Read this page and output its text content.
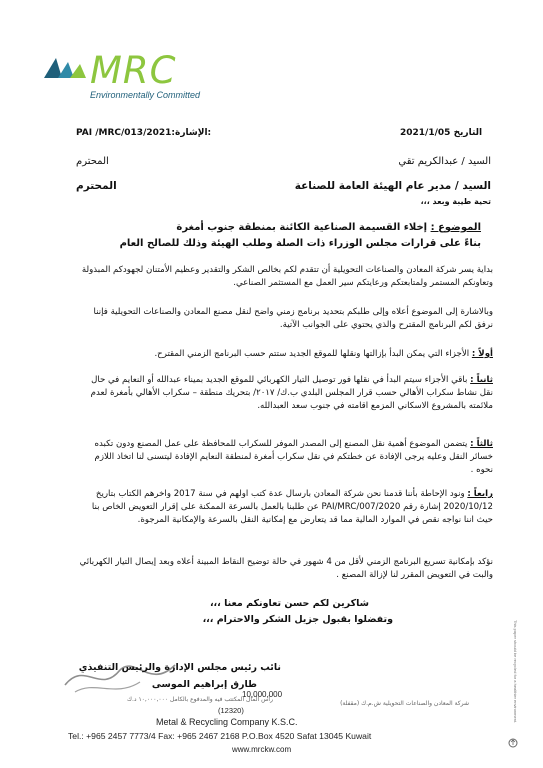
MRC
Environmentally Committed
PAI /MRC/013/2021:الإشارة:	2021/1/05 التاريخ
السيد / عبدالكريم تقي
المحترم
السيد / مدير عام الهيئة العامة للصناعة
المحترم
تحية طيبة وبعد ،،،
الموضوع : إخلاء القسيمة الصناعية الكائنة بمنطقة جنوب أمغرة
بناءً على قرارات مجلس الوزراء ذات الصلة وطلب الهيئة وذلك للصالح العام
بداية يسر شركة المعادن والصناعات التحويلية أن تتقدم لكم بخالص الشكر والتقدير وعظيم الأمتنان لجهودكم المبذولة وتعاونكم المستمر ولمتابعتكم ورعايتكم سير العمل مع المستثمر الصناعي.
وبالاشارة إلى الموضوع أعلاه وإلى طلبكم بتحديد برنامج زمني واضح لنقل مصنع المعادن والصناعات التحويلية فإننا نرفق لكم البرنامج المقترح والذي يحتوي على الجوانب الآتية.
أولاً : الأجزاء التي يمكن البدأ بإزالتها ونقلها للموقع الجديد ستتم حسب البرنامج الزمني المقترح.
ثانياً : باقي الأجزاء سيتم البدأ في نقلها فور توصيل التيار الكهربائي للموقع الجديد بميناء عبدالله أو النعايم في حال نقل نشاط سكراب الأهالي حسب قرار المجلس البلدي ب.ك/ ٢٠١٧/ بتحريك منطقة – سكراب الأهالي بأمغرة لعدم ملائمته بالمشروع الاسكاني المزمع اقامته في جنوب سعد العبدالله.
ثالثاً : يتضمن الموضوع أهمية نقل المصنع إلى المصدر الموفر للسكراب للمحافظة على عمل المصنع ودون تكبده خسائر النقل وعليه يرجى الإفادة عن خطتكم في نقل سكراب أمغرة لمنطقة النعايم الإفادة ليتسنى لنا اتخاذ اللازم نحوه .
رابعاً : ونود الإحاطة بأننا قدمنا نحن شركة المعادن بارسال عدة كتب اولهم في سنة 2017 واخرهم الكتاب بتاريخ 2020/10/12 إشارة رقم PAI/MRC/007/2020 عن طلبنا بالعمل بالسرعة الممكنة على إقرار التعويض الخاص بنا حيث اننا نواجه نقص في الموارد المالية مما قد يتعارض مع إمكانية النقل بالسرعة والإمكانية المرجوة.
نؤكد بإمكانية تسريع البرنامج الزمني لأقل من 4 شهور في حالة توضيح النقاط المبينة أعلاه وبعد إيصال التيار الكهربائي والبت في التعويض المقرر لنا لإزالة المصنع .
شاكرين لكم حسن تعاونكم معنا ،،،
وتفضلوا بقبول جزيل الشكر والاحترام ،،،
نائب رئيس مجلس الإدارة والرئيس التنفيذي
طارق إبراهيم الموسى
رأس المال المكتتب فيه والمدفوع بالكامل ١٠,٠٠٠,٠٠٠ د.ك
10,000,000
شركة المعادن والصناعات التحويلية ش.م.ك (مقفلة)
(12320)
Metal & Recycling Company K.S.C.
Tel.: +965 2457 7773/4 Fax: +965 2467 2168 P.O.Box 4520 Safat 13045 Kuwait
www.mrckw.com
This paper should be recycled for a healthier environment.
